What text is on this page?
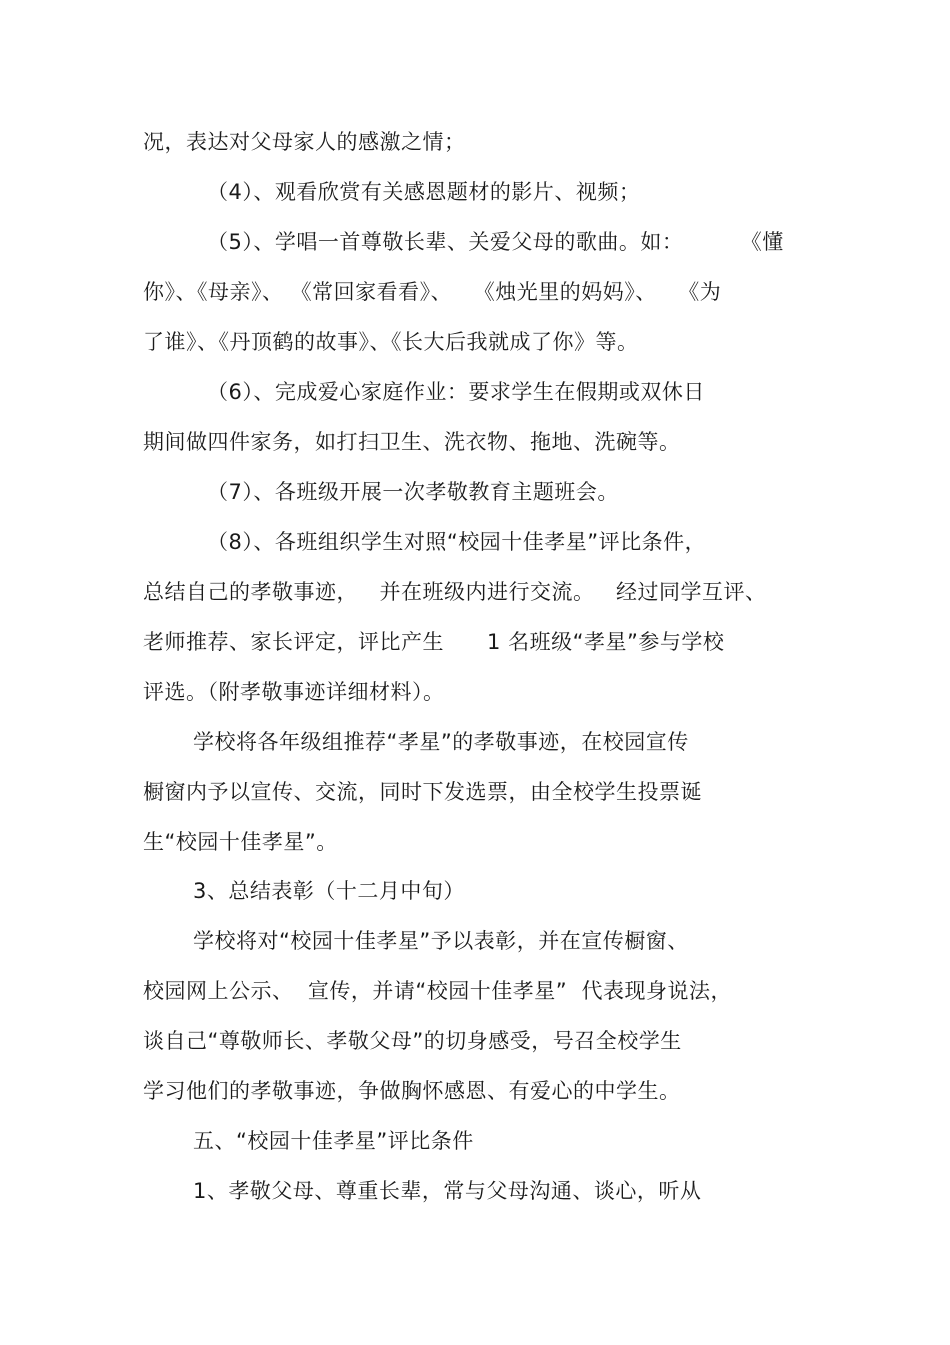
况，表达对父母家人的感激之情；
（4）、观看欣赏有关感恩题材的影片、视频；
（5）、学唱一首尊敬长辈、关爱父母的歌曲。如：        《懂
你》、《母亲》、 《常回家看看》、   《烛光里的妈妈》、   《为
了谁》、《丹顶鹤的故事》、《长大后我就成了你》等。
（6）、完成爱心家庭作业：要求学生在假期或双休日
期间做四件家务，如打扫卫生、洗衣物、拖地、洗碗等。
（7）、各班级开展一次孝敬教育主题班会。
（8）、各班组织学生对照“校园十佳孝星”评比条件，
总结自己的孝敬事迹，   并在班级内进行交流。   经过同学互评、
老师推荐、家长评定，评比产生      1 名班级“孝星”参与学校
评选。（附孝敬事迹详细材料）。
学校将各年级组推荐“孝星”的孝敬事迹，在校园宣传
橱窗内予以宣传、交流，同时下发选票，由全校学生投票诞
生“校园十佳孝星”。
3、总结表彰（十二月中旬）
学校将对“校园十佳孝星”予以表彰，并在宣传橱窗、
校园网上公示、  宣传，并请“校园十佳孝星”  代表现身说法，
谈自己“尊敬师长、孝敬父母”的切身感受，号召全校学生
学习他们的孝敬事迹，争做胸怀感恩、有爱心的中学生。
五、“校园十佳孝星”评比条件
1、孝敬父母、尊重长辈，常与父母沟通、谈心，听从
